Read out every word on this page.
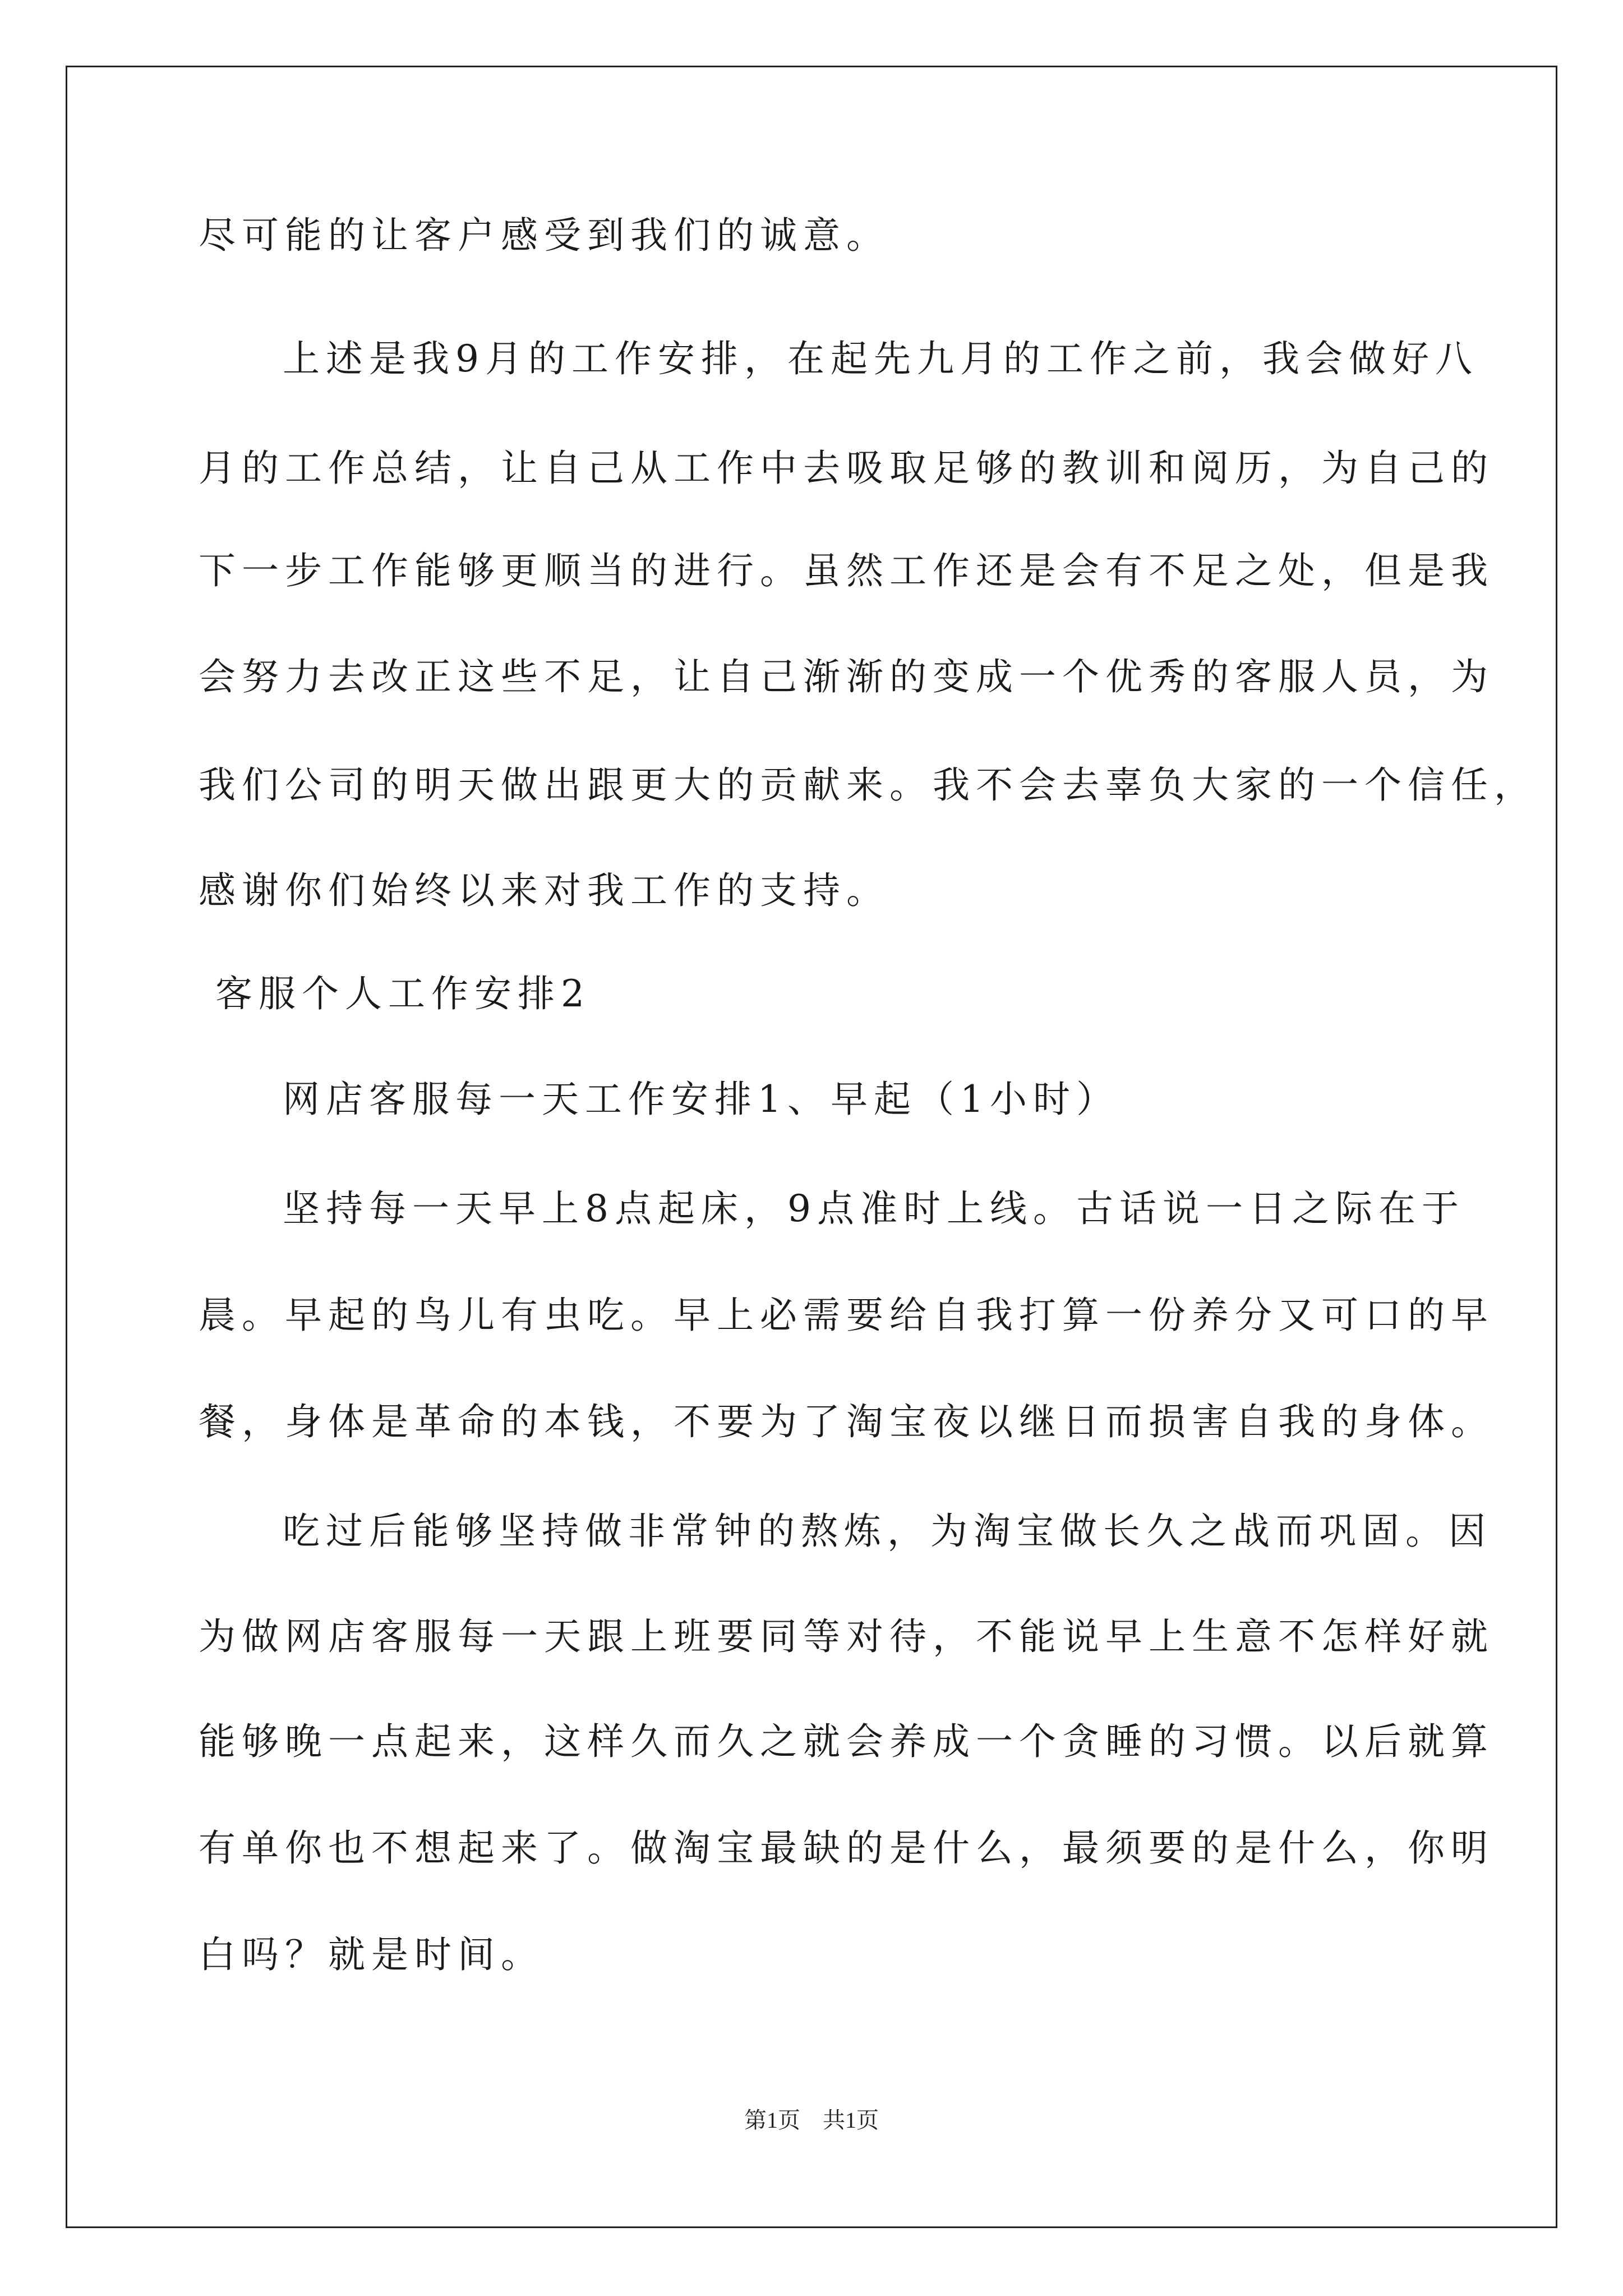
尽可能的让客户感受到我们的诚意。
上述是我9月的工作安排，在起先九月的工作之前，我会做好八
月的工作总结，让自己从工作中去吸取足够的教训和阅历，为自己的
下一步工作能够更顺当的进行。虽然工作还是会有不足之处，但是我
会努力去改正这些不足，让自己渐渐的变成一个优秀的客服人员，为
我们公司的明天做出跟更大的贡献来。我不会去辜负大家的一个信任，
感谢你们始终以来对我工作的支持。
客服个人工作安排2
网店客服每一天工作安排1、早起（1小时）
坚持每一天早上8点起床，9点准时上线。古话说一日之际在于
晨。早起的鸟儿有虫吃。早上必需要给自我打算一份养分又可口的早
餐，身体是革命的本钱，不要为了淘宝夜以继日而损害自我的身体。
吃过后能够坚持做非常钟的熬炼，为淘宝做长久之战而巩固。因
为做网店客服每一天跟上班要同等对待，不能说早上生意不怎样好就
能够晚一点起来，这样久而久之就会养成一个贪睡的习惯。以后就算
有单你也不想起来了。做淘宝最缺的是什么，最须要的是什么，你明
白吗？就是时间。
第1页　共1页
